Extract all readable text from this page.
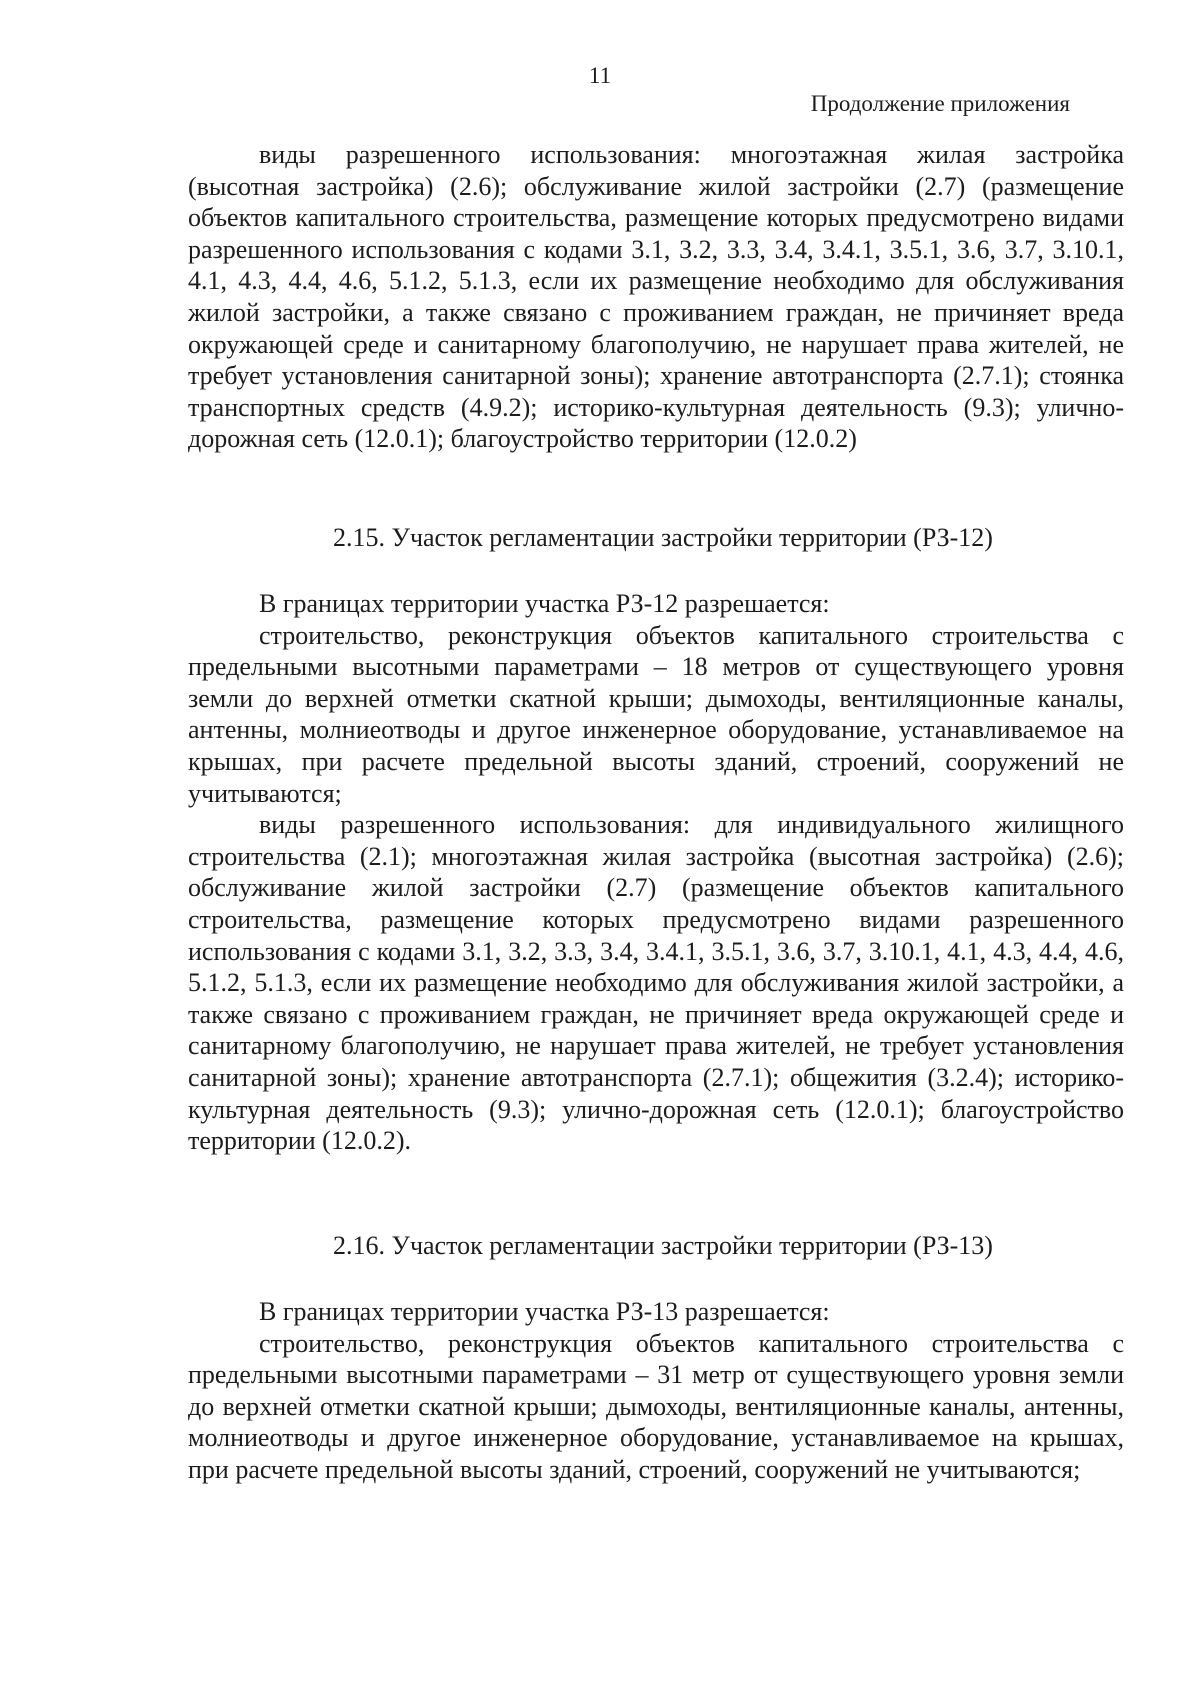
11
Продолжение приложения

виды разрешенного использования: многоэтажная жилая застройка (высотная застройка) (2.6); обслуживание жилой застройки (2.7) (размещение объектов капитального строительства, размещение которых предусмотрено видами разрешенного использования с кодами 3.1, 3.2, 3.3, 3.4, 3.4.1, 3.5.1, 3.6, 3.7, 3.10.1, 4.1, 4.3, 4.4, 4.6, 5.1.2, 5.1.3, если их размещение необходимо для обслуживания жилой застройки, а также связано с проживанием граждан, не причиняет вреда окружающей среде и санитарному благополучию, не нарушает права жителей, не требует установления санитарной зоны); хранение автотранспорта (2.7.1); стоянка транспортных средств (4.9.2); историко-культурная деятельность (9.3); улично-дорожная сеть (12.0.1); благоустройство территории (12.0.2)

2.15. Участок регламентации застройки территории (РЗ-12)

В границах территории участка РЗ-12 разрешается:

строительство, реконструкция объектов капитального строительства с предельными высотными параметрами – 18 метров от существующего уровня земли до верхней отметки скатной крыши; дымоходы, вентиляционные каналы, антенны, молниеотводы и другое инженерное оборудование, устанавливаемое на крышах, при расчете предельной высоты зданий, строений, сооружений не учитываются;

виды разрешенного использования: для индивидуального жилищного строительства (2.1); многоэтажная жилая застройка (высотная застройка) (2.6); обслуживание жилой застройки (2.7) (размещение объектов капитального строительства, размещение которых предусмотрено видами разрешенного использования с кодами 3.1, 3.2, 3.3, 3.4, 3.4.1, 3.5.1, 3.6, 3.7, 3.10.1, 4.1, 4.3, 4.4, 4.6, 5.1.2, 5.1.3, если их размещение необходимо для обслуживания жилой застройки, а также связано с проживанием граждан, не причиняет вреда окружающей среде и санитарному благополучию, не нарушает права жителей, не требует установления санитарной зоны); хранение автотранспорта (2.7.1); общежития (3.2.4); историко-культурная деятельность (9.3); улично-дорожная сеть (12.0.1); благоустройство территории (12.0.2).

2.16. Участок регламентации застройки территории (РЗ-13)

В границах территории участка РЗ-13 разрешается:

строительство, реконструкция объектов капитального строительства с предельными высотными параметрами – 31 метр от существующего уровня земли до верхней отметки скатной крыши; дымоходы, вентиляционные каналы, антенны, молниеотводы и другое инженерное оборудование, устанавливаемое на крышах, при расчете предельной высоты зданий, строений, сооружений не учитываются;
